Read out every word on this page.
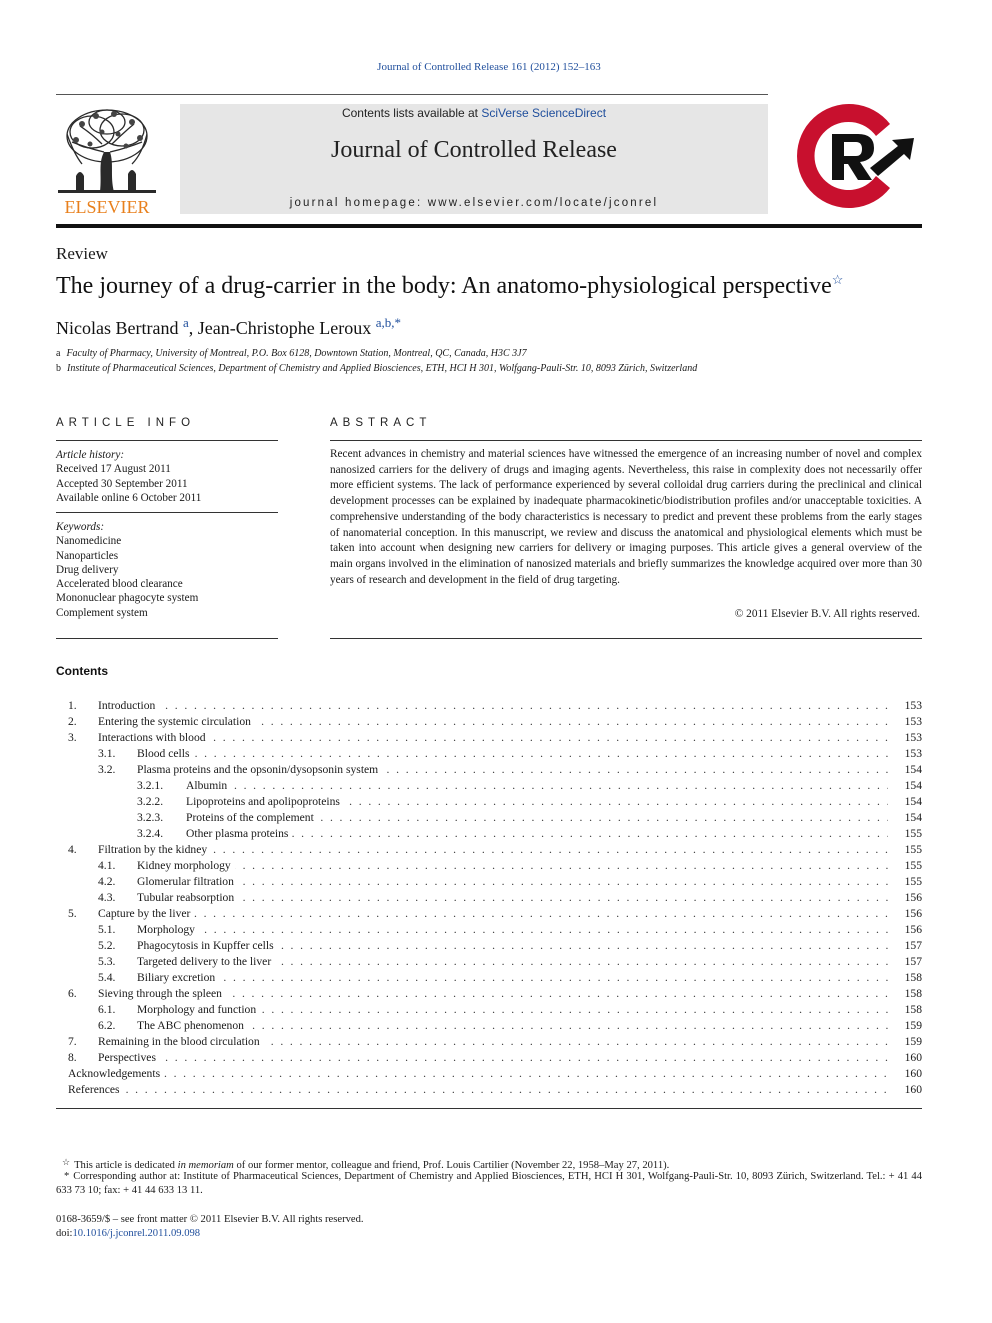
Journal of Controlled Release 161 (2012) 152–163
ELSEVIER
Contents lists available at SciVerse ScienceDirect
Journal of Controlled Release
journal homepage: www.elsevier.com/locate/jconrel
CR
Review
The journey of a drug-carrier in the body: An anatomo-physiological perspective☆
Nicolas Bertrand $^a$, Jean-Christophe Leroux $^{a,b,*}$
a Faculty of Pharmacy, University of Montreal, P.O. Box 6128, Downtown Station, Montreal, QC, Canada, H3C 3J7
b Institute of Pharmaceutical Sciences, Department of Chemistry and Applied Biosciences, ETH, HCI H 301, Wolfgang-Pauli-Str. 10, 8093 Zürich, Switzerland
ARTICLE INFO
Article history:
Received 17 August 2011
Accepted 30 September 2011
Available online 6 October 2011
Keywords:
Nanomedicine
Nanoparticles
Drug delivery
Accelerated blood clearance
Mononuclear phagocyte system
Complement system
ABSTRACT
Recent advances in chemistry and material sciences have witnessed the emergence of an increasing number of novel and complex nanosized carriers for the delivery of drugs and imaging agents. Nevertheless, this raise in complexity does not necessarily offer more efficient systems. The lack of performance experienced by several colloidal drug carriers during the preclinical and clinical development processes can be explained by inadequate pharmacokinetic/biodistribution profiles and/or unacceptable toxicities. A comprehensive understanding of the body characteristics is necessary to predict and prevent these problems from the early stages of nanomaterial conception. In this manuscript, we review and discuss the anatomical and physiological elements which must be taken into account when designing new carriers for delivery or imaging purposes. This article gives a general overview of the main organs involved in the elimination of nanosized materials and briefly summarizes the knowledge acquired over more than 30 years of research and development in the field of drug targeting.
© 2011 Elsevier B.V. All rights reserved.
Contents
1. Introduction . . .	153
2. Entering the systemic circulation . . .	153
3. Interactions with blood . . .	153
3.1. Blood cells . . .	153
3.2. Plasma proteins and the opsonin/dysopsonin system . . .	154
3.2.1. Albumin . . .	154
3.2.2. Lipoproteins and apolipoproteins . . .	154
3.2.3. Proteins of the complement . . .	154
3.2.4. Other plasma proteins . . .	155
4. Filtration by the kidney . . .	155
4.1. Kidney morphology . . .	155
4.2. Glomerular filtration . . .	155
4.3. Tubular reabsorption . . .	156
5. Capture by the liver . . .	156
5.1. Morphology . . .	156
5.2. Phagocytosis in Kupffer cells . . .	157
5.3. Targeted delivery to the liver . . .	157
5.4. Biliary excretion . . .	158
6. Sieving through the spleen . . .	158
6.1. Morphology and function . . .	158
6.2. The ABC phenomenon . . .	159
7. Remaining in the blood circulation . . .	159
8. Perspectives . . .	160
Acknowledgements . . .	160
References . . .	160
☆ This article is dedicated in memoriam of our former mentor, colleague and friend, Prof. Louis Cartilier (November 22, 1958–May 27, 2011).
* Corresponding author at: Institute of Pharmaceutical Sciences, Department of Chemistry and Applied Biosciences, ETH, HCI H 301, Wolfgang-Pauli-Str. 10, 8093 Zürich, Switzerland. Tel.: + 41 44 633 73 10; fax: + 41 44 633 13 11.
0168-3659/$ – see front matter © 2011 Elsevier B.V. All rights reserved.
doi:10.1016/j.jconrel.2011.09.098
